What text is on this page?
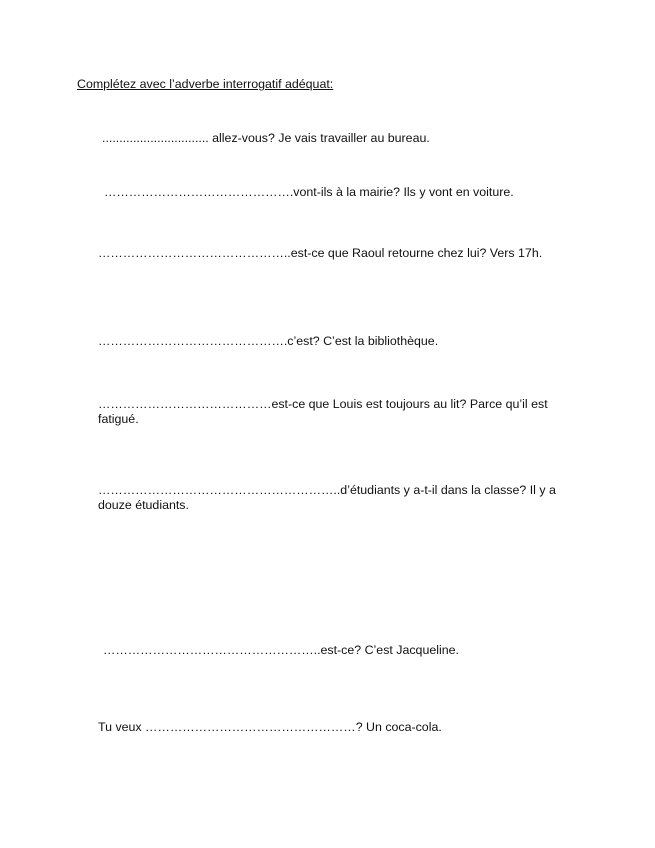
Complétez avec l’adverbe interrogatif adéquat:
............................... allez-vous? Je vais travailler au bureau.
……………………………………….vont-ils à la mairie? Ils y vont en voiture.
………………………………………..est-ce que Raoul retourne chez lui? Vers 17h.
……………………………………….c’est? C’est la bibliothèque.
……………………………………est-ce que Louis est toujours au lit? Parce qu’il est fatigué.
…………………………………………………..d’étudiants y a-t-il dans la classe? Il y a douze étudiants.
……………………………………………..est-ce? C’est Jacqueline.
Tu veux ……………………………………………? Un coca-cola.
